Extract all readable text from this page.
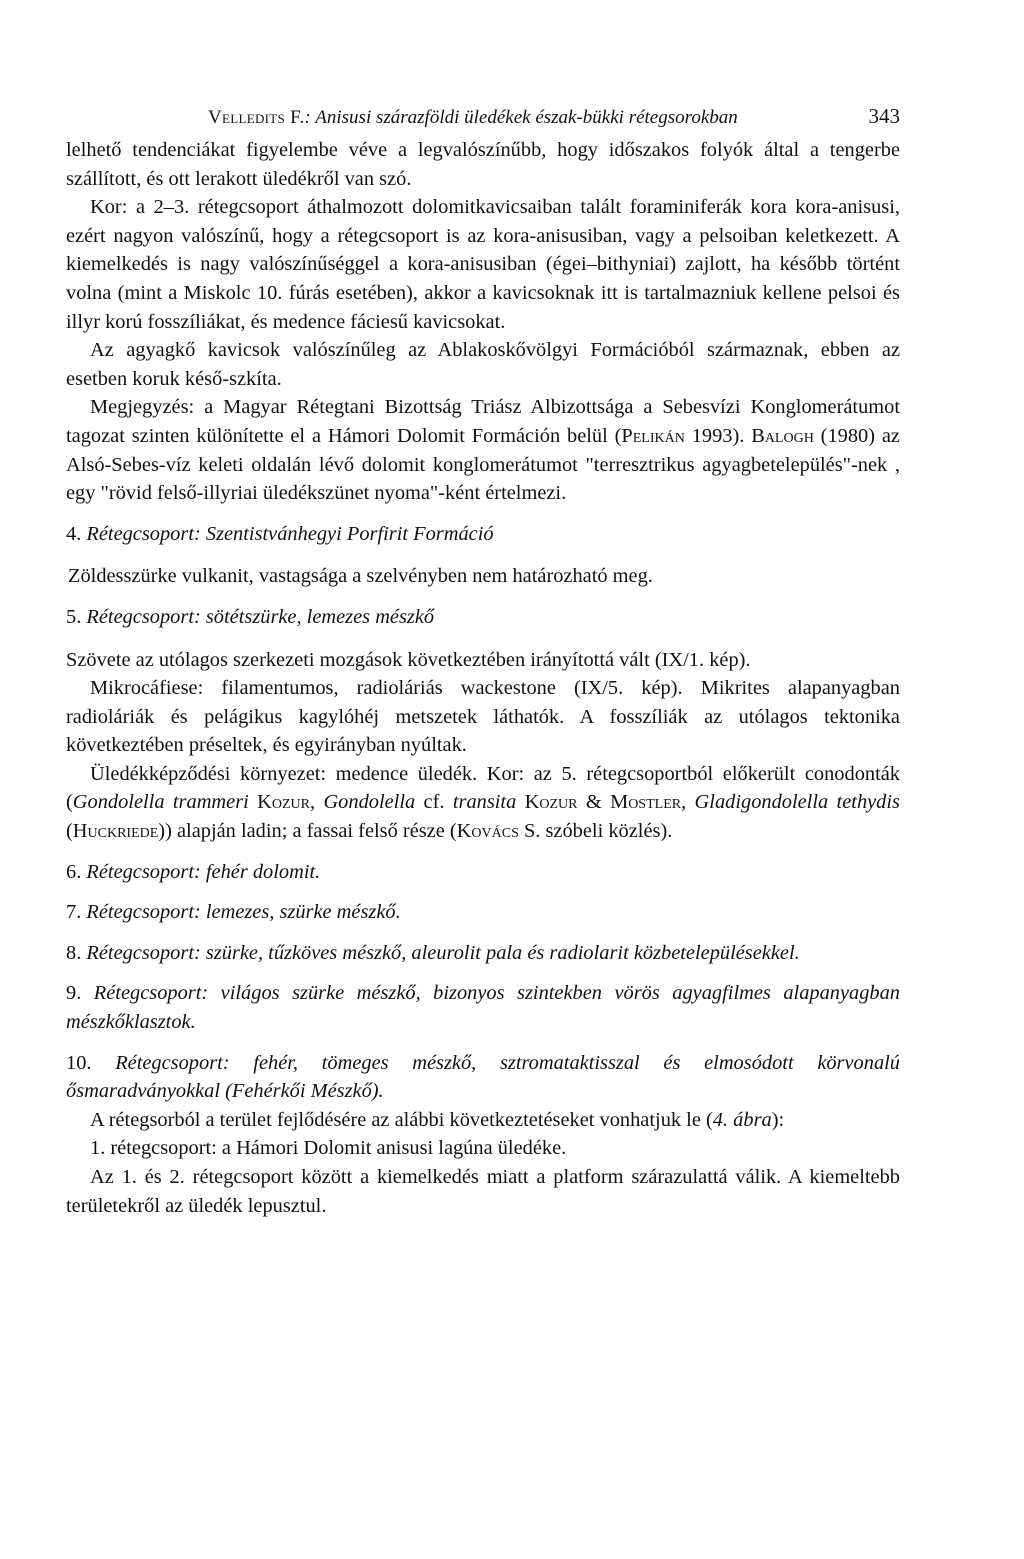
Velledits F.: Anisusi szárazföldi üledékek észak-bükki rétegsorokban	343

lelhető tendenciákat figyelembe véve a legvalószínűbb, hogy időszakos folyók által a tengerbe szállított, és ott lerakott üledékről van szó.

Kor: a 2–3. rétegcsoport áthalmozott dolomitkavicsaiban talált foraminiferák kora kora-anisusi, ezért nagyon valószínű, hogy a rétegcsoport is az kora-anisusiban, vagy a pelsoiban keletkezett. A kiemelkedés is nagy valószínűséggel a kora-anisusiban (égei–bithyniai) zajlott, ha később történt volna (mint a Miskolc 10. fúrás esetében), akkor a kavicsoknak itt is tartalmazniuk kellene pelsoi és illyr korú fosszíliákat, és medence fáciesű kavicsokat.

Az agyagkő kavicsok valószínűleg az Ablakoskővölgyi Formációból származnak, ebben az esetben koruk késő-szkíta.

Megjegyzés: a Magyar Rétegtani Bizottság Triász Albizottsága a Sebesvízi Konglomerátumot tagozat szinten különítette el a Hámori Dolomit Formáción belül (Pelikán 1993). Balogh (1980) az Alsó-Sebes-víz keleti oldalán lévő dolomit konglomerátumot "terresztrikus agyagbetelepülés"-nek , egy "rövid felső-illyriai üledékszünet nyoma"-ként értelmezi.

4. Rétegcsoport: Szentistvánhegyi Porfirit Formáció

Zöldesszürke vulkanit, vastagsága a szelvényben nem határozható meg.

5. Rétegcsoport: sötétszürke, lemezes mészkő

Szövete az utólagos szerkezeti mozgások következtében irányítottá vált (IX/1. kép).

Mikrocáfiese: filamentumos, radioláriás wackestone (IX/5. kép). Mikrites alapanyagban radioláriák és pelágikus kagylóhéj metszetek láthatók. A fosszíliák az utólagos tektonika következtében préseltek, és egyirányban nyúltak.

Üledékképződési környezet: medence üledék. Kor: az 5. rétegcsoportból előkerült conodonták (Gondolella trammeri Kozur, Gondolella cf. transita Kozur & Mostler, Gladigondolella tethydis (Huckriede)) alapján ladin; a fassai felső része (Kovács S. szóbeli közlés).

6. Rétegcsoport: fehér dolomit.

7. Rétegcsoport: lemezes, szürke mészkő.

8. Rétegcsoport: szürke, tűzköves mészkő, aleurolit pala és radiolarit közbetelepülésekkel.

9. Rétegcsoport: világos szürke mészkő, bizonyos szintekben vörös agyagfilmes alapanyagban mészkőklasztok.

10. Rétegcsoport: fehér, tömeges mészkő, sztromataktisszal és elmosódott körvonalú ősmaradványokkal (Fehérkői Mészkő).

A rétegsorból a terület fejlődésére az alábbi következtetéseket vonhatjuk le (4. ábra):

1. rétegcsoport: a Hámori Dolomit anisusi lagúna üledéke.

Az 1. és 2. rétegcsoport között a kiemelkedés miatt a platform szárazulattá válik. A kiemeltebb területekről az üledék lepusztul.
